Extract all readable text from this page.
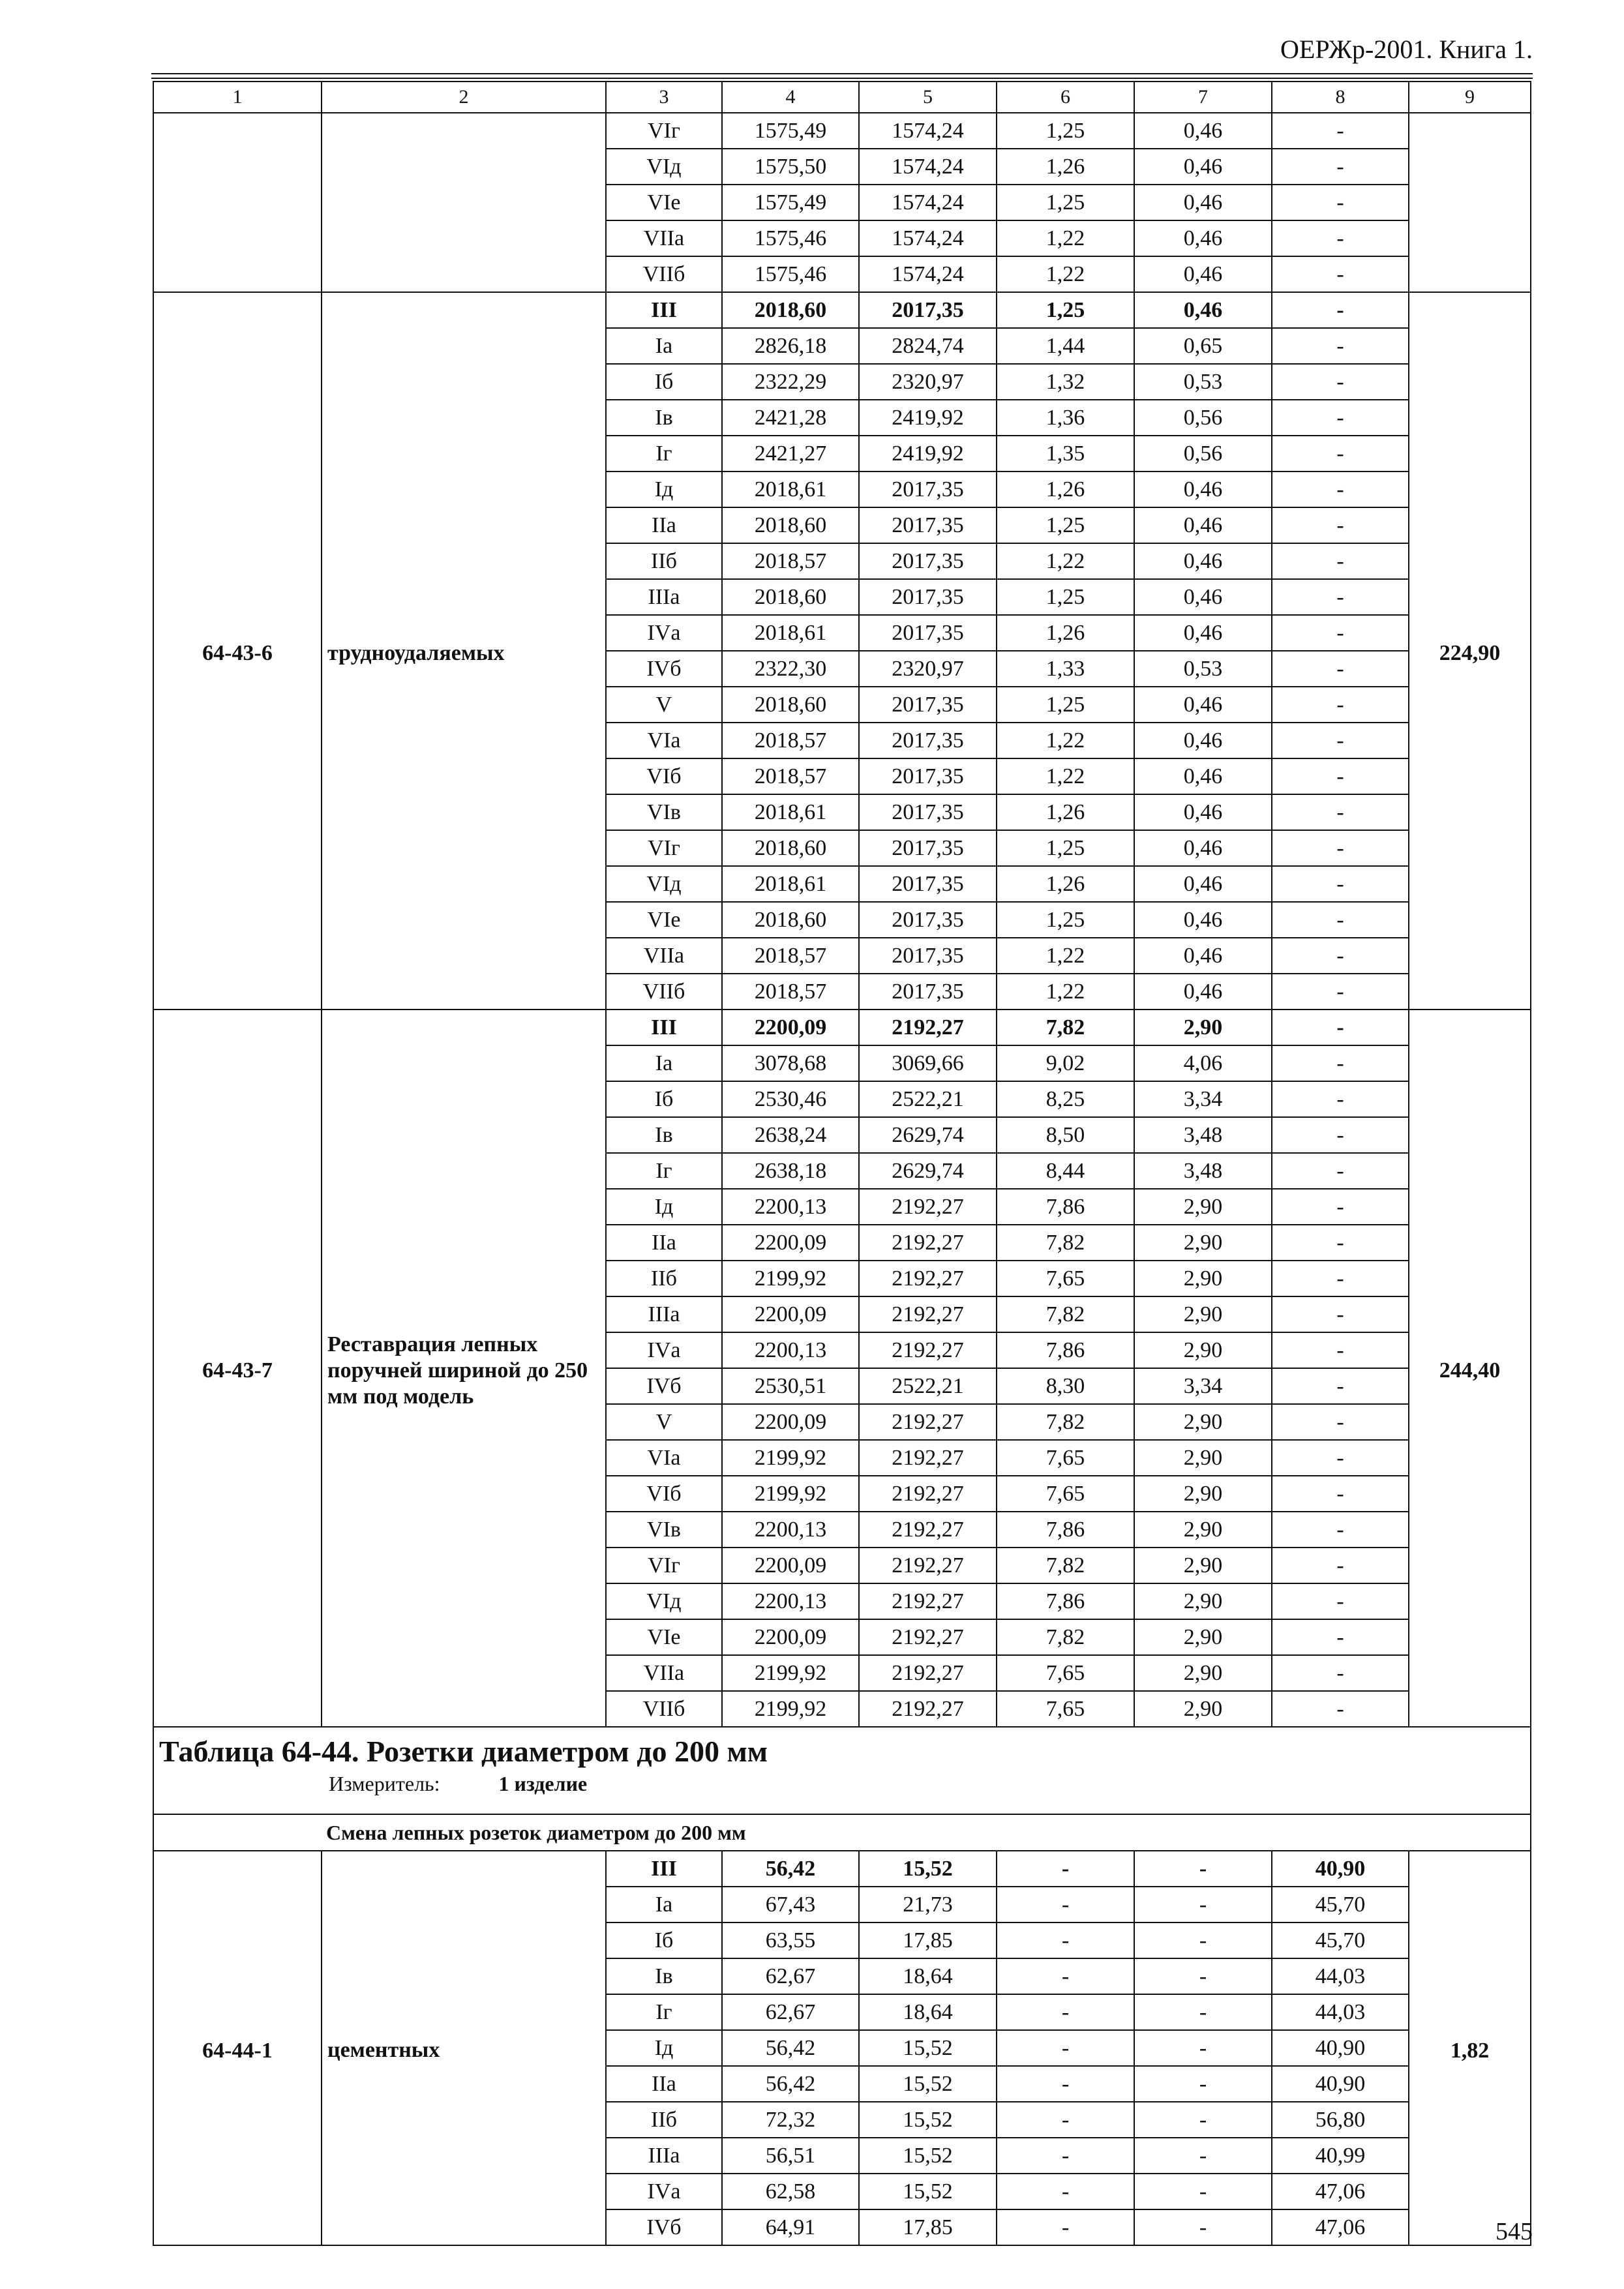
ОЕРЖр-2001. Книга 1.
1	2	3	4	5	6	7	8	9
		VIг	1575,49	1574,24	1,25	0,46	-	
		VIд	1575,50	1574,24	1,26	0,46	-	
		VIе	1575,49	1574,24	1,25	0,46	-	
		VIIа	1575,46	1574,24	1,22	0,46	-	
		VIIб	1575,46	1574,24	1,22	0,46	-	
64-43-6	трудноудаляемых	III	2018,60	2017,35	1,25	0,46	-	224,90
		Iа	2826,18	2824,74	1,44	0,65	-	
		Iб	2322,29	2320,97	1,32	0,53	-	
		Iв	2421,28	2419,92	1,36	0,56	-	
		Iг	2421,27	2419,92	1,35	0,56	-	
		Iд	2018,61	2017,35	1,26	0,46	-	
		IIа	2018,60	2017,35	1,25	0,46	-	
		IIб	2018,57	2017,35	1,22	0,46	-	
		IIIа	2018,60	2017,35	1,25	0,46	-	
		IVа	2018,61	2017,35	1,26	0,46	-	
		IVб	2322,30	2320,97	1,33	0,53	-	
		V	2018,60	2017,35	1,25	0,46	-	
		VIа	2018,57	2017,35	1,22	0,46	-	
		VIб	2018,57	2017,35	1,22	0,46	-	
		VIв	2018,61	2017,35	1,26	0,46	-	
		VIг	2018,60	2017,35	1,25	0,46	-	
		VIд	2018,61	2017,35	1,26	0,46	-	
		VIе	2018,60	2017,35	1,25	0,46	-	
		VIIа	2018,57	2017,35	1,22	0,46	-	
		VIIб	2018,57	2017,35	1,22	0,46	-	
64-43-7	Реставрация лепных поручней шириной до 250 мм под модель	III	2200,09	2192,27	7,82	2,90	-	244,40
		Iа	3078,68	3069,66	9,02	4,06	-	
		Iб	2530,46	2522,21	8,25	3,34	-	
		Iв	2638,24	2629,74	8,50	3,48	-	
		Iг	2638,18	2629,74	8,44	3,48	-	
		Iд	2200,13	2192,27	7,86	2,90	-	
		IIа	2200,09	2192,27	7,82	2,90	-	
		IIб	2199,92	2192,27	7,65	2,90	-	
		IIIа	2200,09	2192,27	7,82	2,90	-	
		IVа	2200,13	2192,27	7,86	2,90	-	
		IVб	2530,51	2522,21	8,30	3,34	-	
		V	2200,09	2192,27	7,82	2,90	-	
		VIа	2199,92	2192,27	7,65	2,90	-	
		VIб	2199,92	2192,27	7,65	2,90	-	
		VIв	2200,13	2192,27	7,86	2,90	-	
		VIг	2200,09	2192,27	7,82	2,90	-	
		VIд	2200,13	2192,27	7,86	2,90	-	
		VIе	2200,09	2192,27	7,82	2,90	-	
		VIIа	2199,92	2192,27	7,65	2,90	-	
		VIIб	2199,92	2192,27	7,65	2,90	-	

Таблица 64-44. Розетки диаметром до 200 мм
Измеритель: 1 изделие								

Смена лепных розеток диаметром до 200 мм								
64-44-1	цементных	III	56,42	15,52	-	-	40,90	1,82
		Iа	67,43	21,73	-	-	45,70	
		Iб	63,55	17,85	-	-	45,70	
		Iв	62,67	18,64	-	-	44,03	
		Iг	62,67	18,64	-	-	44,03	
		Iд	56,42	15,52	-	-	40,90	
		IIа	56,42	15,52	-	-	40,90	
		IIб	72,32	15,52	-	-	56,80	
		IIIа	56,51	15,52	-	-	40,99	
		IVа	62,58	15,52	-	-	47,06	
		IVб	64,91	17,85	-	-	47,06		545
